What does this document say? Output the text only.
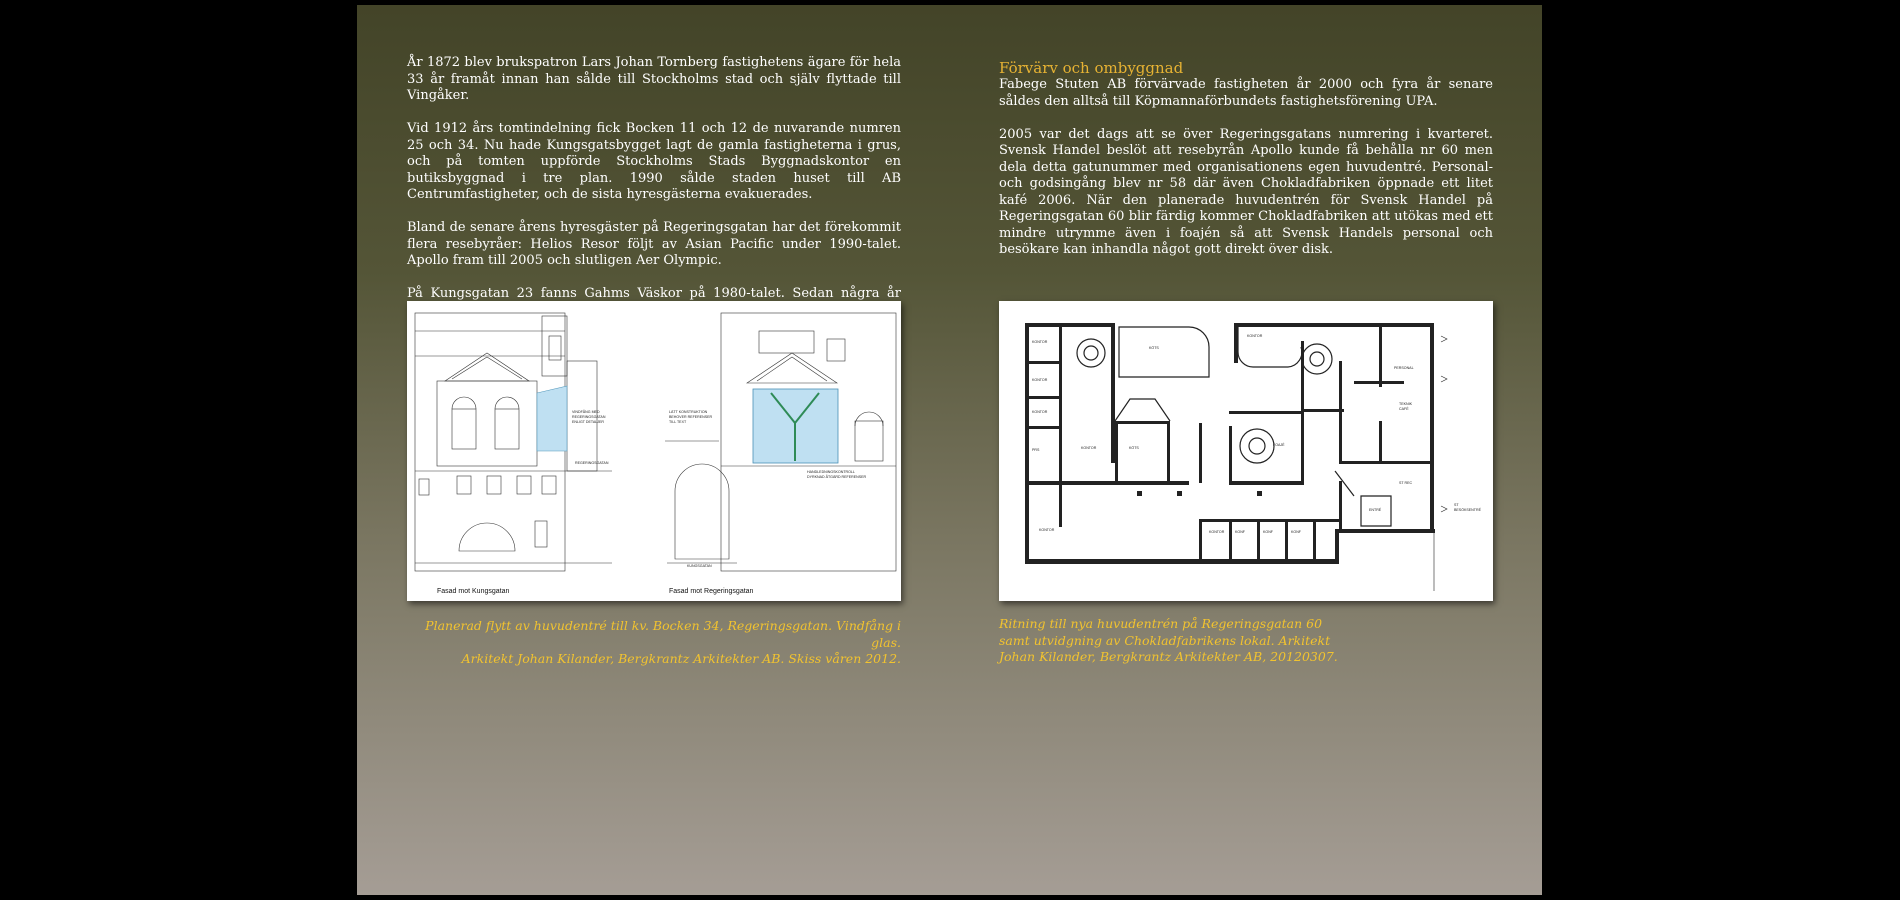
År 1872 blev brukspatron Lars Johan Tornberg fastighetens ägare för hela 33 år framåt innan han sålde till Stockholms stad och själv flyttade till Vingåker.

Vid 1912 års tomtindelning fick Bocken 11 och 12 de nuvarande numren 25 och 34. Nu hade Kungsgatsbygget lagt de gamla fastigheterna i grus, och på tomten uppförde Stockholms Stads Byggnadskontor en butiksbyggnad i tre plan. 1990 sålde staden huset till AB Centrumfastigheter, och de sista hyresgästerna evakuerades.

Bland de senare årens hyresgäster på Regeringsgatan har det förekommit flera resebyråer: Helios Resor följt av Asian Pacific under 1990-talet. Apollo fram till 2005 och slutligen Aer Olympic.

På Kungsgatan 23 fanns Gahms Väskor på 1980-talet. Sedan några år

Förvärv och ombyggnad

Fabege Stuten AB förvärvade fastigheten år 2000 och fyra år senare såldes den alltså till Köpmannaförbundets fastighetsförening UPA.

2005 var det dags att se över Regeringsgatans numrering i kvarteret. Svensk Handel beslöt att resebyrån Apollo kunde få behålla nr 60 men dela detta gatunummer med organisationens egen huvudentré. Personal- och godsingång blev nr 58 där även Chokladfabriken öppnade ett litet kafé 2006. När den planerade huvudentrén för Svensk Handel på Regeringsgatan 60 blir färdig kommer Chokladfabriken att utökas med ett mindre utrymme även i foajén så att Svensk Handels personal och besökare kan inhandla något gott direkt över disk.

VINDFÅNG MED
REGERINGSGATAN
ENLIGT DETALJER
REGERINGSGATAN
LÄTT KONSTRUKTION
BEHOVER REFERENSER
TILL TEXT
HANDLEDNINGSKONTROLL
DYRKNAD ÅTGÄRD REFERENSER
KUNGSGATAN
Fasad mot Kungsgatan	Fasad mot Regeringsgatan
KONTOR
KONTOR
KONTOR
PRS
KÖTS
KONTOR
KONTOR	KÖTS
FOAJÉ
KONTOR	KONTOR	KONF	KONF	KONF
ENTRÉ
PERSONAL
TEKNIK
CAFÉ
ST REC
ST
BESÖKSENTRÉ
Planerad flytt av huvudentré till kv. Bocken 34, Regeringsgatan. Vindfång i glas.
Arkitekt Johan Kilander, Bergkrantz Arkitekter AB. Skiss våren 2012.
Ritning till nya huvudentrén på Regeringsgatan 60
samt utvidgning av Chokladfabrikens lokal. Arkitekt
Johan Kilander, Bergkrantz Arkitekter AB, 20120307.
